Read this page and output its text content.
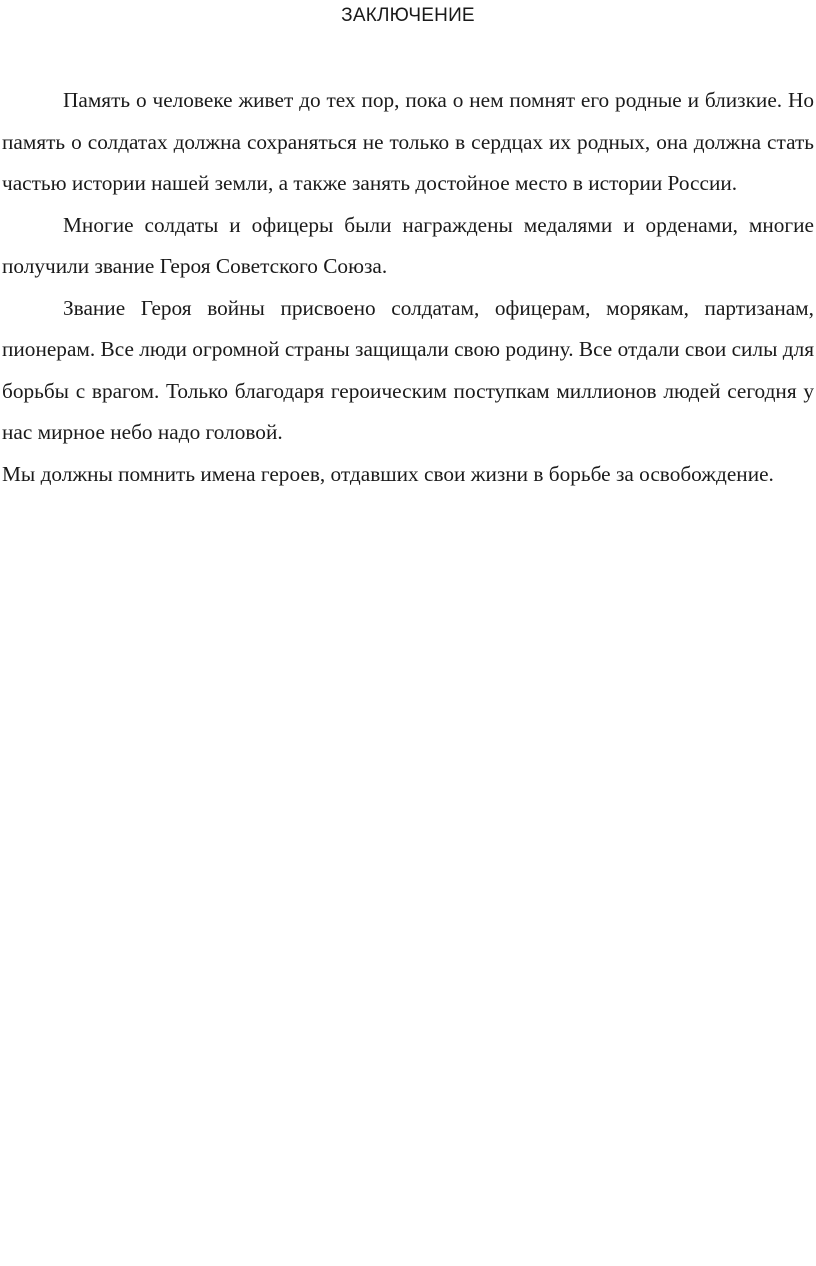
ЗАКЛЮЧЕНИЕ

Память о человеке живет до тех пор, пока о нем помнят его родные и близкие. Но память о солдатах должна сохраняться не только в сердцах их родных, она должна стать частью истории нашей земли, а также занять достойное место в истории России.

Многие солдаты и офицеры были награждены медалями и орденами, многие получили звание Героя Советского Союза.

Звание Героя войны присвоено солдатам, офицерам, морякам, партизанам, пионерам. Все люди огромной страны защищали свою родину. Все отдали свои силы для борьбы с врагом. Только благодаря героическим поступкам миллионов людей сегодня у нас мирное небо надо головой.

Мы должны помнить имена героев, отдавших свои жизни в борьбе за освобождение.
